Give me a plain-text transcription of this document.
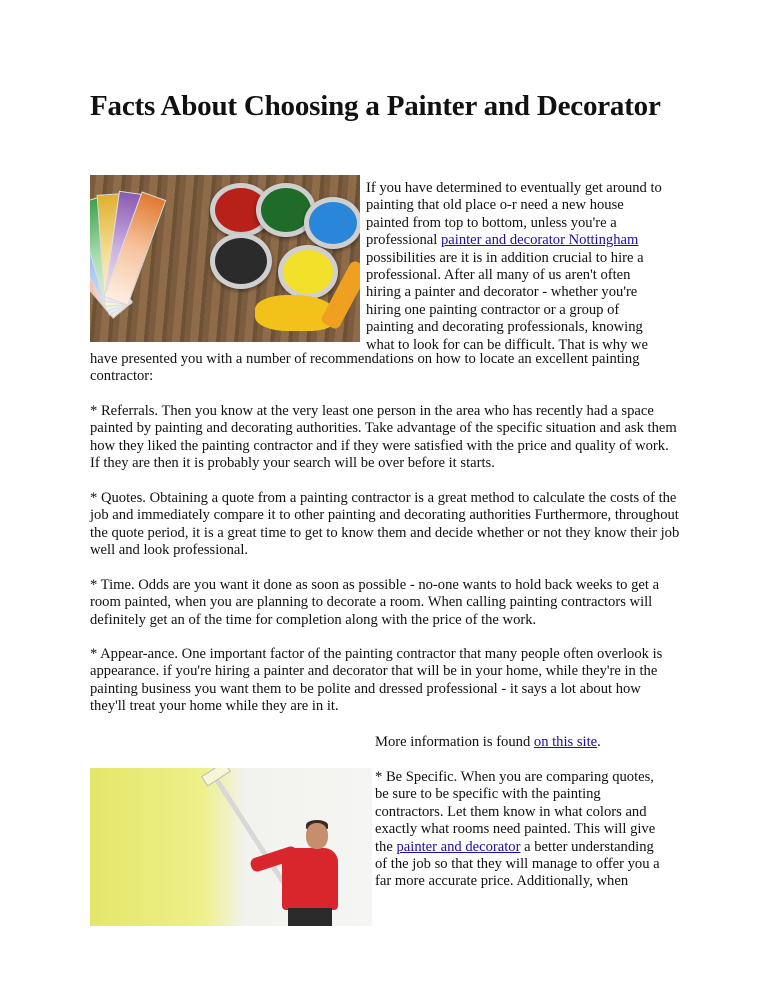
Facts About Choosing a Painter and Decorator
If you have determined to eventually get around to
painting that old place o-r need a new house
painted from top to bottom, unless you're a
professional painter and decorator Nottingham
possibilities are it is in addition crucial to hire a
professional. After all many of us aren't often
hiring a painter and decorator - whether you're
hiring one painting contractor or a group of
painting and decorating professionals, knowing
what to look for can be difficult. That is why we
have presented you with a number of recommendations on how to locate an excellent painting
contractor:

* Referrals. Then you know at the very least one person in the area who has recently had a space painted by painting and decorating authorities. Take advantage of the specific situation and ask them how they liked the painting contractor and if they were satisfied with the price and quality of work. If they are then it is probably your search will be over before it starts.

* Quotes. Obtaining a quote from a painting contractor is a great method to calculate the costs of the job and immediately compare it to other painting and decorating authorities Furthermore, throughout the quote period, it is a great time to get to know them and decide whether or not they know their job well and look professional.

* Time. Odds are you want it done as soon as possible - no-one wants to hold back weeks to get a room painted, when you are planning to decorate a room. When calling painting contractors will definitely get an of the time for completion along with the price of the work.

* Appear-ance. One important factor of the painting contractor that many people often overlook is appearance. if you're hiring a painter and decorator that will be in your home, while they're in the painting business you want them to be polite and dressed professional - it says a lot about how they'll treat your home while they are in it.

More information is found on this site.
* Be Specific. When you are comparing quotes,
be sure to be specific with the painting
contractors. Let them know in what colors and
exactly what rooms need painted. This will give
the painter and decorator a better understanding
of the job so that they will manage to offer you a
far more accurate price. Additionally, when
